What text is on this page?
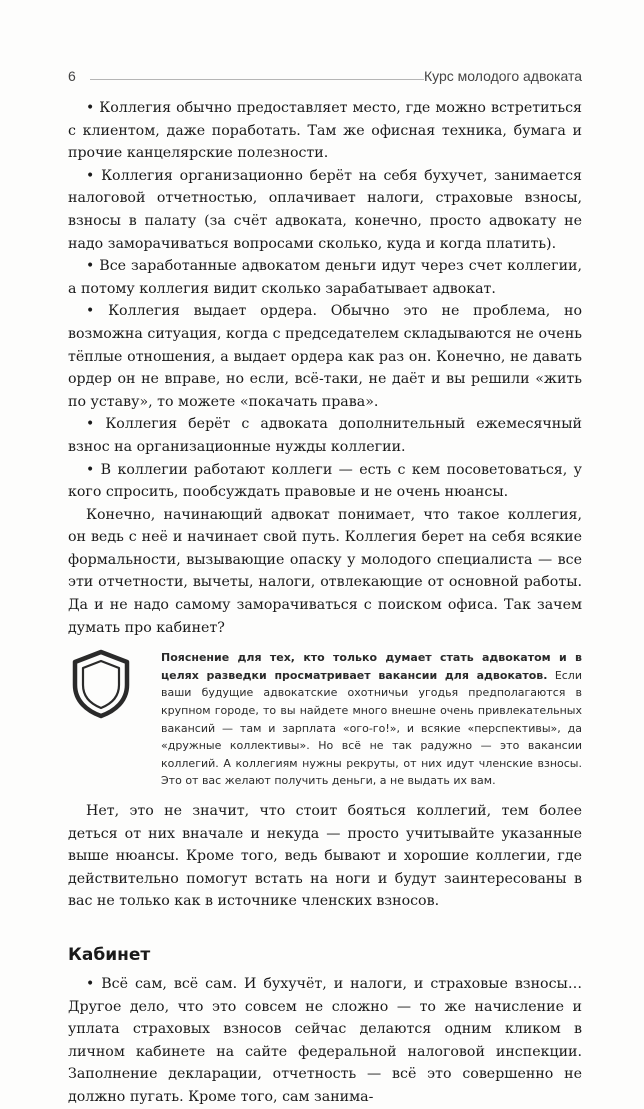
6	Курс молодого адвоката

• Коллегия обычно предоставляет место, где можно встретиться с клиентом, даже поработать. Там же офисная техника, бумага и прочие канцелярские полезности.

• Коллегия организационно берёт на себя бухучет, занимается налоговой отчетностью, оплачивает налоги, страховые взносы, взносы в палату (за счёт адвоката, конечно, просто адвокату не надо заморачиваться вопросами сколько, куда и когда платить).

• Все заработанные адвокатом деньги идут через счет коллегии, а потому коллегия видит сколько зарабатывает адвокат.

• Коллегия выдает ордера. Обычно это не проблема, но возможна ситуация, когда с председателем складываются не очень тёплые отношения, а выдает ордера как раз он. Конечно, не давать ордер он не вправе, но если, всё-таки, не даёт и вы решили «жить по уставу», то можете «покачать права».

• Коллегия берёт с адвоката дополнительный ежемесячный взнос на организационные нужды коллегии.

• В коллегии работают коллеги — есть с кем посоветоваться, у кого спросить, пообсуждать правовые и не очень нюансы.

Конечно, начинающий адвокат понимает, что такое коллегия, он ведь с неё и начинает свой путь. Коллегия берет на себя всякие формальности, вызывающие опаску у молодого специалиста — все эти отчетности, вычеты, налоги, отвлекающие от основной работы. Да и не надо самому заморачиваться с поиском офиса. Так зачем думать про кабинет?

Пояснение для тех, кто только думает стать адвокатом и в целях разведки просматривает вакансии для адвокатов. Если ваши будущие адвокатские охотничьи угодья предполагаются в крупном городе, то вы найдете много внешне очень привлекательных вакансий — там и зарплата «ого-го!», и всякие «перспективы», да «дружные коллективы». Но всё не так радужно — это вакансии коллегий. А коллегиям нужны рекруты, от них идут членские взносы. Это от вас желают получить деньги, а не выдать их вам.

Нет, это не значит, что стоит бояться коллегий, тем более деться от них вначале и некуда — просто учитывайте указанные выше нюансы. Кроме того, ведь бывают и хорошие коллегии, где действительно помогут встать на ноги и будут заинтересованы в вас не только как в источнике членских взносов.

Кабинет

• Всё сам, всё сам. И бухучёт, и налоги, и страховые взносы… Другое дело, что это совсем не сложно — то же начисление и уплата страховых взносов сейчас делаются одним кликом в личном кабинете на сайте федеральной налоговой инспекции. Заполнение декларации, отчетность — всё это совершенно не должно пугать. Кроме того, сам занима-
